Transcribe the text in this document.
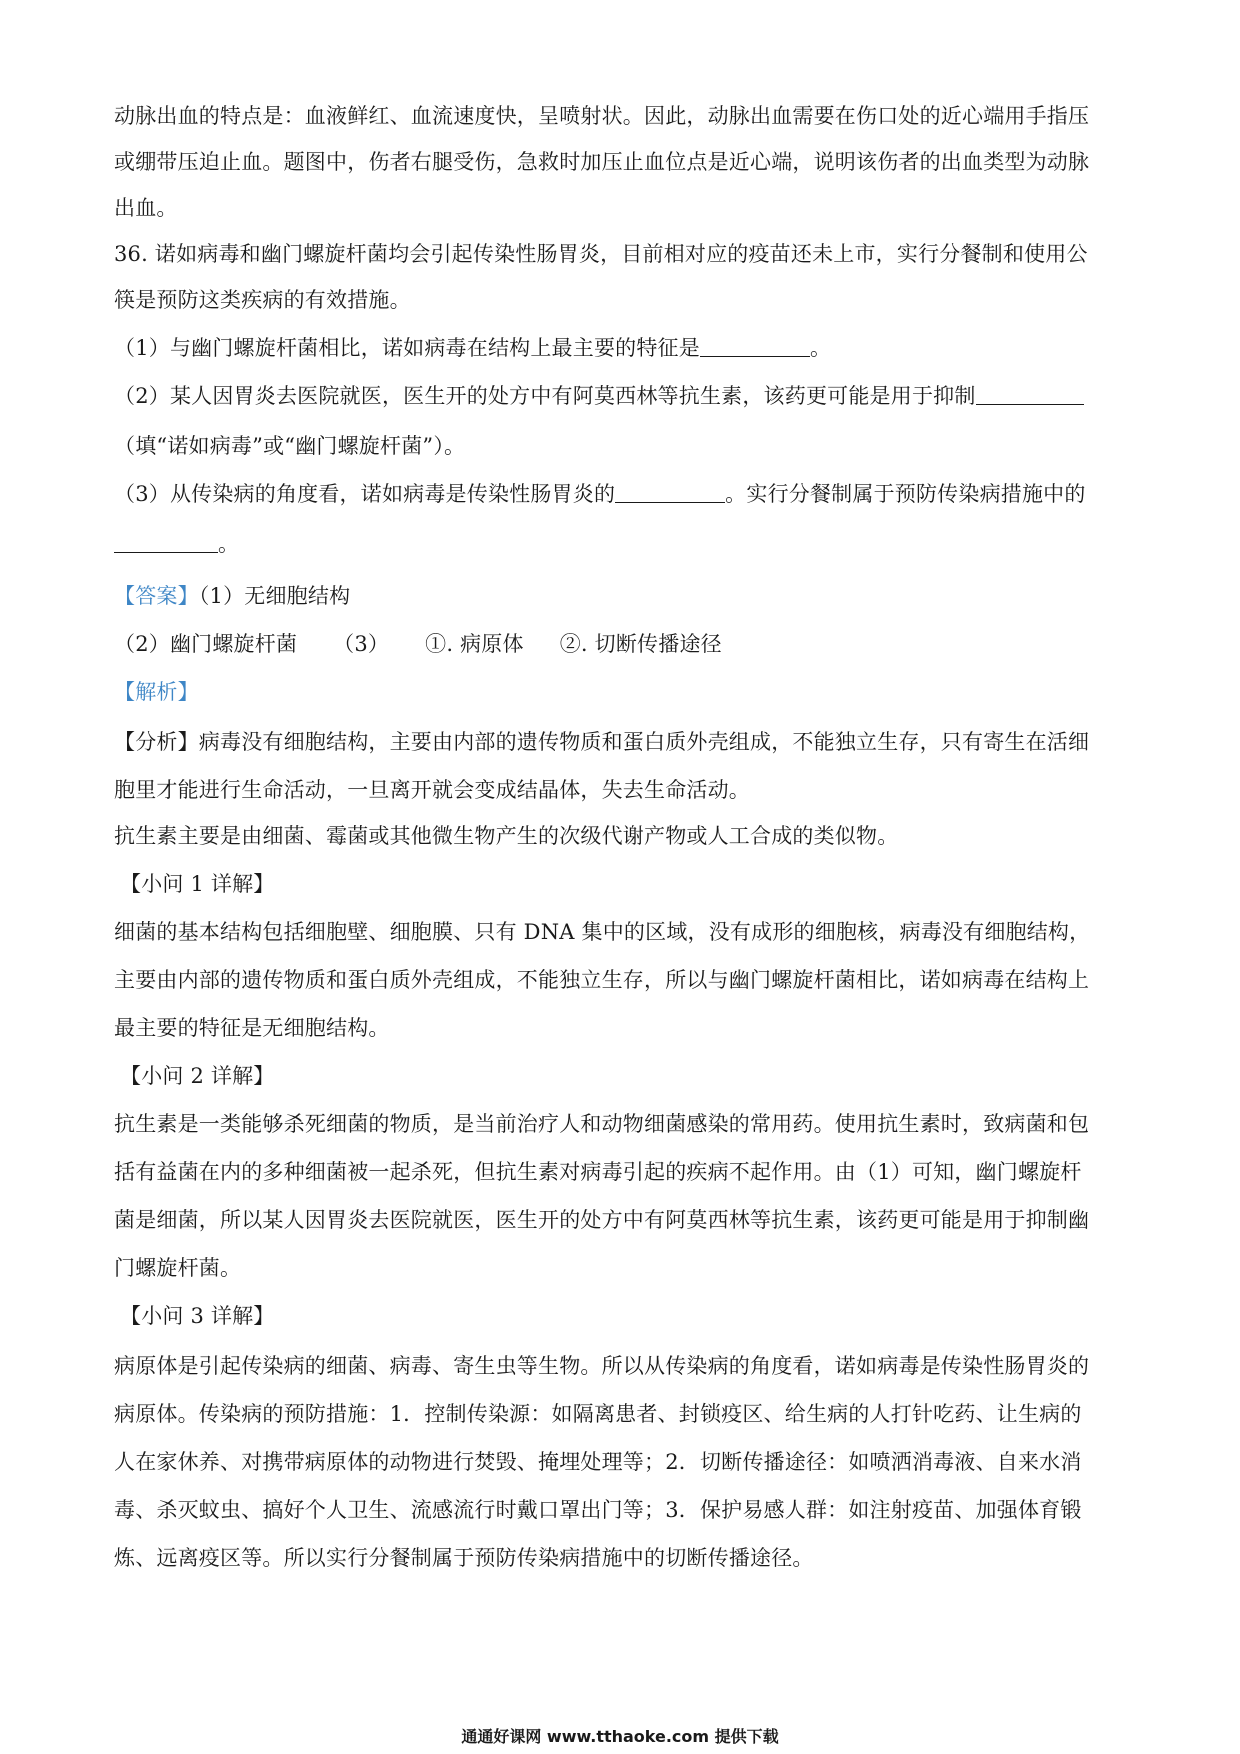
动脉出血的特点是：血液鲜红、血流速度快，呈喷射状。因此，动脉出血需要在伤口处的近心端用手指压
或绷带压迫止血。题图中，伤者右腿受伤，急救时加压止血位点是近心端，说明该伤者的出血类型为动脉
出血。
36. 诺如病毒和幽门螺旋杆菌均会引起传染性肠胃炎，目前相对应的疫苗还未上市，实行分餐制和使用公
筷是预防这类疾病的有效措施。
（1）与幽门螺旋杆菌相比，诺如病毒在结构上最主要的特征是	。
（2）某人因胃炎去医院就医，医生开的处方中有阿莫西林等抗生素，该药更可能是用于抑制
（填“诺如病毒”或“幽门螺旋杆菌”）。
（3）从传染病的角度看，诺如病毒是传染性肠胃炎的	。实行分餐制属于预防传染病措施中的
。
【答案】（1）无细胞结构
（2）幽门螺旋杆菌 （3） ①. 病原体 ②. 切断传播途径
【解析】
【分析】病毒没有细胞结构，主要由内部的遗传物质和蛋白质外壳组成，不能独立生存，只有寄生在活细
胞里才能进行生命活动，一旦离开就会变成结晶体，失去生命活动。
抗生素主要是由细菌、霉菌或其他微生物产生的次级代谢产物或人工合成的类似物。
【小问 1 详解】
细菌的基本结构包括细胞壁、细胞膜、只有 DNA 集中的区域，没有成形的细胞核，病毒没有细胞结构，
主要由内部的遗传物质和蛋白质外壳组成，不能独立生存，所以与幽门螺旋杆菌相比，诺如病毒在结构上
最主要的特征是无细胞结构。
【小问 2 详解】
抗生素是一类能够杀死细菌的物质，是当前治疗人和动物细菌感染的常用药。使用抗生素时，致病菌和包
括有益菌在内的多种细菌被一起杀死，但抗生素对病毒引起的疾病不起作用。由（1）可知，幽门螺旋杆
菌是细菌，所以某人因胃炎去医院就医，医生开的处方中有阿莫西林等抗生素，该药更可能是用于抑制幽
门螺旋杆菌。
【小问 3 详解】
病原体是引起传染病的细菌、病毒、寄生虫等生物。所以从传染病的角度看，诺如病毒是传染性肠胃炎的
病原体。传染病的预防措施：1．控制传染源：如隔离患者、封锁疫区、给生病的人打针吃药、让生病的
人在家休养、对携带病原体的动物进行焚毁、掩埋处理等；2．切断传播途径：如喷洒消毒液、自来水消
毒、杀灭蚊虫、搞好个人卫生、流感流行时戴口罩出门等；3．保护易感人群：如注射疫苗、加强体育锻
炼、远离疫区等。所以实行分餐制属于预防传染病措施中的切断传播途径。
通通好课网 www.tthaoke.com 提供下载
